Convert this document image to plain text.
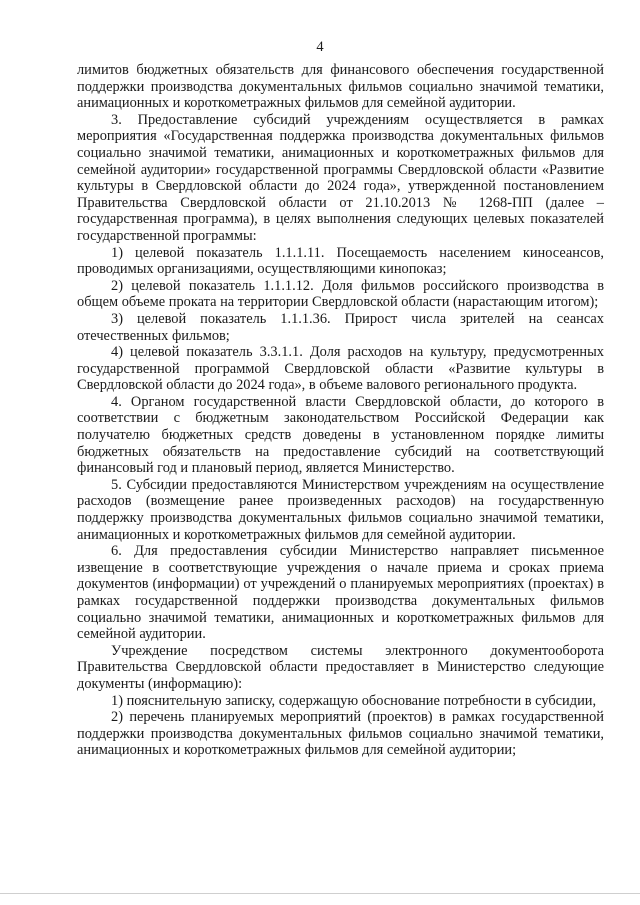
4

лимитов бюджетных обязательств для финансового обеспечения государственной поддержки производства документальных фильмов социально значимой тематики, анимационных и короткометражных фильмов для семейной аудитории.

3. Предоставление субсидий учреждениям осуществляется в рамках мероприятия «Государственная поддержка производства документальных фильмов социально значимой тематики, анимационных и короткометражных фильмов для семейной аудитории» государственной программы Свердловской области «Развитие культуры в Свердловской области до 2024 года», утвержденной постановлением Правительства Свердловской области от 21.10.2013 № 1268-ПП (далее – государственная программа), в целях выполнения следующих целевых показателей государственной программы:

1) целевой показатель 1.1.1.11. Посещаемость населением киносеансов, проводимых организациями, осуществляющими кинопоказ;

2) целевой показатель 1.1.1.12. Доля фильмов российского производства в общем объеме проката на территории Свердловской области (нарастающим итогом);

3) целевой показатель 1.1.1.36. Прирост числа зрителей на сеансах отечественных фильмов;

4) целевой показатель 3.3.1.1. Доля расходов на культуру, предусмотренных государственной программой Свердловской области «Развитие культуры в Свердловской области до 2024 года», в объеме валового регионального продукта.

4. Органом государственной власти Свердловской области, до которого в соответствии с бюджетным законодательством Российской Федерации как получателю бюджетных средств доведены в установленном порядке лимиты бюджетных обязательств на предоставление субсидий на соответствующий финансовый год и плановый период, является Министерство.

5. Субсидии предоставляются Министерством учреждениям на осуществление расходов (возмещение ранее произведенных расходов) на государственную поддержку производства документальных фильмов социально значимой тематики, анимационных и короткометражных фильмов для семейной аудитории.

6. Для предоставления субсидии Министерство направляет письменное извещение в соответствующие учреждения о начале приема и сроках приема документов (информации) от учреждений о планируемых мероприятиях (проектах) в рамках государственной поддержки производства документальных фильмов социально значимой тематики, анимационных и короткометражных фильмов для семейной аудитории.

Учреждение посредством системы электронного документооборота Правительства Свердловской области предоставляет в Министерство следующие документы (информацию):

1) пояснительную записку, содержащую обоснование потребности в субсидии,

2) перечень планируемых мероприятий (проектов) в рамках государственной поддержки производства документальных фильмов социально значимой тематики, анимационных и короткометражных фильмов для семейной аудитории;
